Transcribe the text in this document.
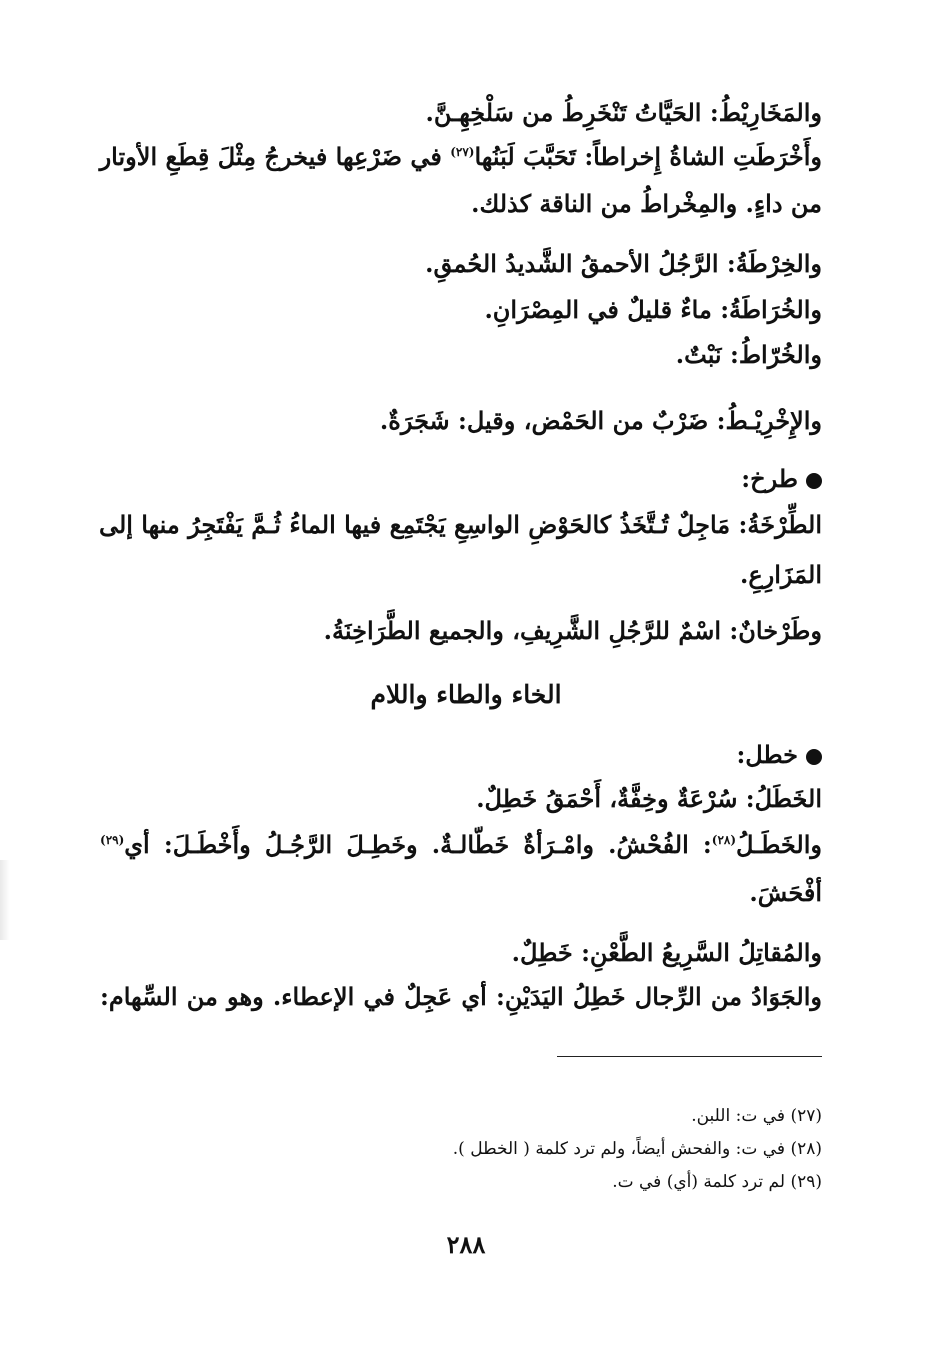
والمَخَارِيْطُ: الحَيَّاتُ تَنْخَرِطُ من سَلْخِهِـنَّ.
وأَخْرَطَتِ الشاةُ إِخراطاً: تَحَبَّبَ لَبَنُها$^{(٢٧)}$ في ضَرْعِها فيخرجُ مِثْلَ قِطَعِ الأوتار
من داءٍ. والمِخْراطُ من الناقة كذلك.
والخِرْطَةُ: الرَّجُلُ الأحمقُ الشَّديدُ الحُمقِ.
والخُرَاطَةُ: ماءٌ قليلٌ في المِصْرَانِ.
والخُرّاطُ: نَبْتٌ.
والإِخْرِيْـطُ: ضَرْبٌ من الحَمْض، وقيل: شَجَرَةٌ.
طرخ:
الطِّرْخَةُ: مَاجِلٌ تُـتَّخَذُ كالحَوْضِ الواسِعِ يَجْتَمِع فيها الماءُ ثُـمَّ يَفْتَجِرُ منها إلى
المَزَارِعِ.
وطَرْخانٌ: اسْمٌ للرَّجُلِ الشَّرِيفِ، والجميع الطَّرَاخِنَةُ.
الخاء والطاء واللام
خطل:
الخَطَلُ: سُرْعَةٌ وخِفَّةٌ، أَحْمَقُ خَطِلٌ.
والخَطَـلُ$^{(٢٨)}$: الفُحْشُ. وامْـرَأةٌ خَطّالـةٌ. وخَطِـلَ الرَّجُـلُ وأَخْطَـلَ: أي$^{(٢٩)}$
أفْحَشَ.
والمُقاتِلُ السَّرِيعُ الطَّعْنِ: خَطِلٌ.
والجَوَادُ من الرِّجال خَطِلُ اليَدَيْنِ: أي عَجِلٌ في الإعطاء. وهو من السِّهام:
(٢٧) في ت: اللبن.
(٢٨) في ت: والفحش أيضاً، ولم ترد كلمة ( الخطل ).
(٢٩) لم ترد كلمة (أي) في ت.
٢٨٨
